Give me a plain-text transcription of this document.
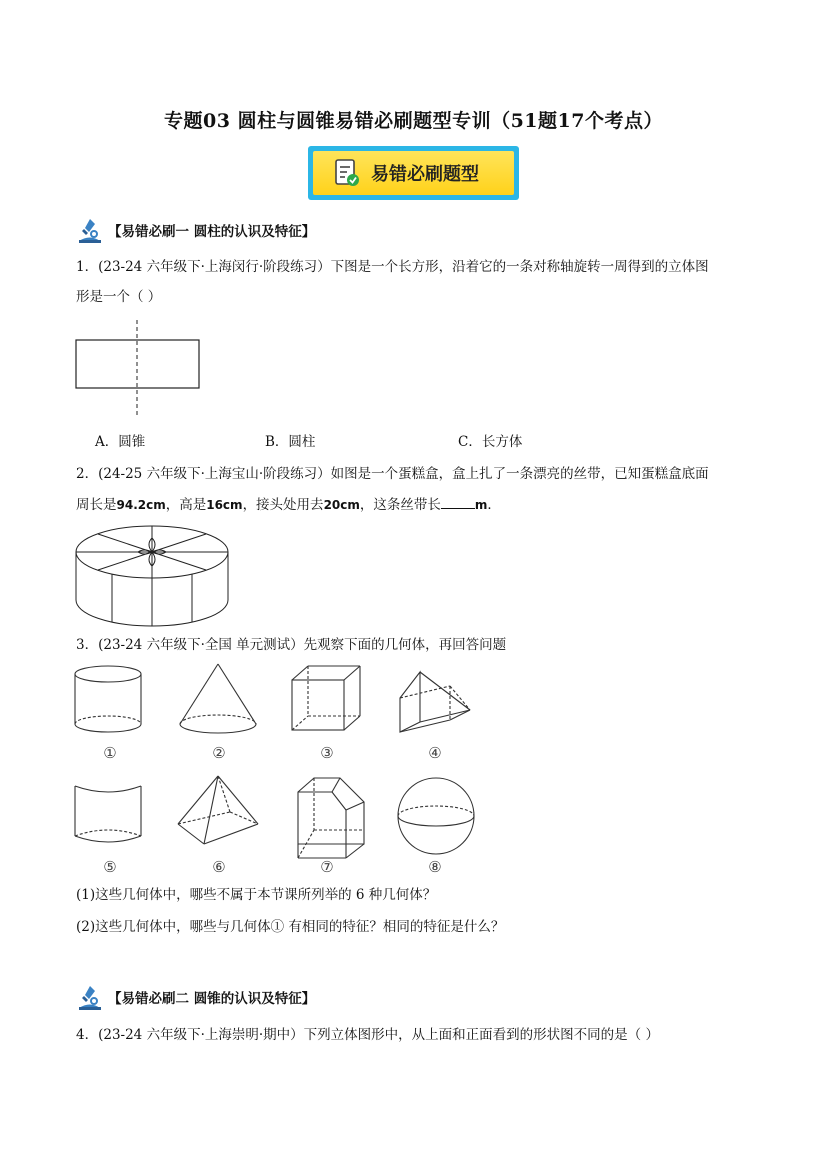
专题03 圆柱与圆锥易错必刷题型专训（51题17个考点）
易错必刷题型
【易错必刷一 圆柱的认识及特征】
1．(23-24 六年级下·上海闵行·阶段练习）下图是一个长方形，沿着它的一条对称轴旋转一周得到的立体图
形是一个（ ）
A．圆锥	B．圆柱	C．长方体
2．(24-25 六年级下·上海宝山·阶段练习）如图是一个蛋糕盒，盒上扎了一条漂亮的丝带，已知蛋糕盒底面
周长是94.2cm，高是16cm，接头处用去20cm，这条丝带长	m．
3．(23-24 六年级下·全国 单元测试）先观察下面的几何体，再回答问题
①	②	③	④
⑤	⑥	⑦	⑧
(1)这些几何体中，哪些不属于本节课所列举的 6 种几何体？
(2)这些几何体中，哪些与几何体① 有相同的特征？相同的特征是什么？
【易错必刷二 圆锥的认识及特征】
4．(23-24 六年级下·上海崇明·期中）下列立体图形中，从上面和正面看到的形状图不同的是（ ）
